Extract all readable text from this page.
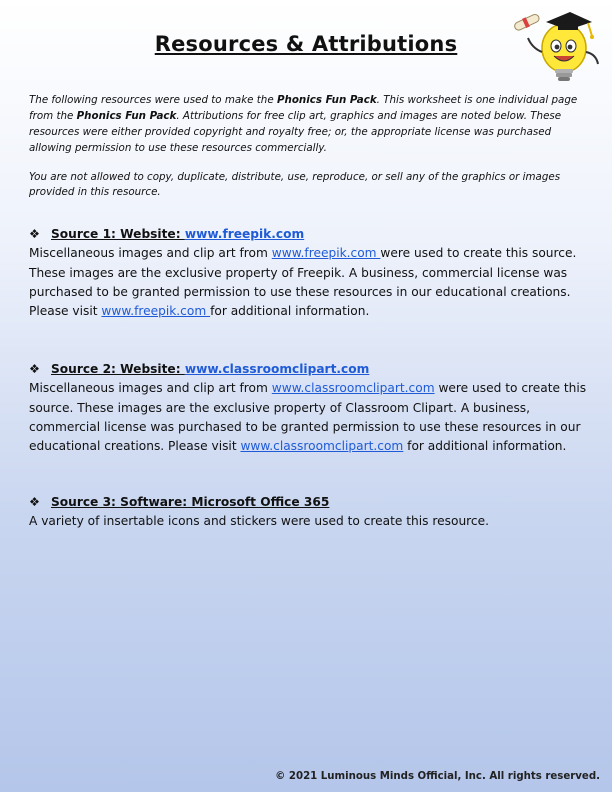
Resources & Attributions

The following resources were used to make the Phonics Fun Pack. This worksheet is one individual page from the Phonics Fun Pack. Attributions for free clip art, graphics and images are noted below. These resources were either provided copyright and royalty free; or, the appropriate license was purchased allowing permission to use these resources commercially.

You are not allowed to copy, duplicate, distribute, use, reproduce, or sell any of the graphics or images provided in this resource.

❖ Source 1: Website: www.freepik.com
Miscellaneous images and clip art from www.freepik.com were used to create this source. These images are the exclusive property of Freepik. A business, commercial license was purchased to be granted permission to use these resources in our educational creations. Please visit www.freepik.com for additional information.
❖ Source 2: Website: www.classroomclipart.com
Miscellaneous images and clip art from www.classroomclipart.com were used to create this source. These images are the exclusive property of Classroom Clipart. A business, commercial license was purchased to be granted permission to use these resources in our educational creations. Please visit www.classroomclipart.com for additional information.
❖ Source 3: Software: Microsoft Office 365
A variety of insertable icons and stickers were used to create this resource.
© 2021 Luminous Minds Official, Inc. All rights reserved.
